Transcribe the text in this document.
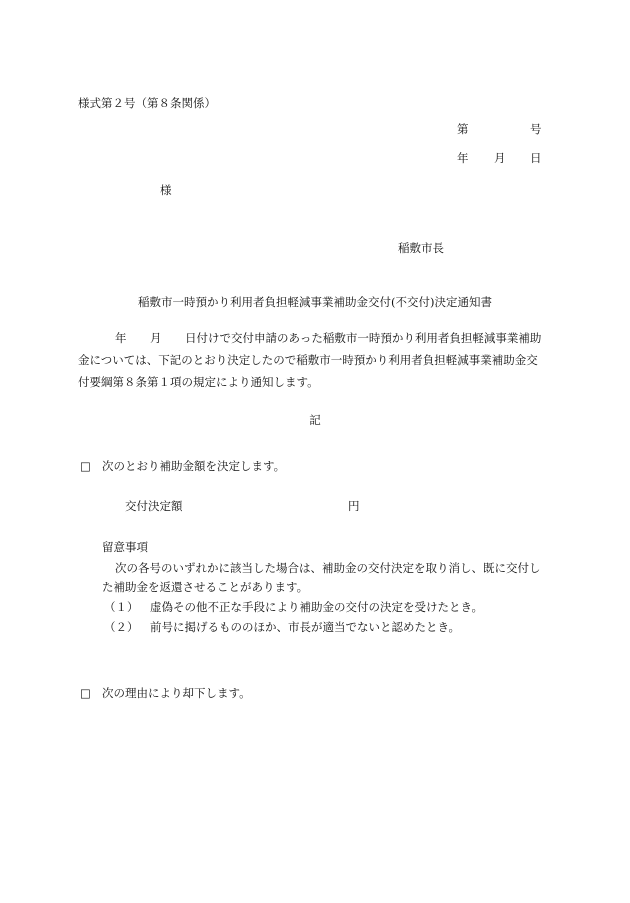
様式第２号（第８条関係）
第	号
年 月 日
様
稲敷市長
稲敷市一時預かり利用者負担軽減事業補助金交付(不交付)決定通知書
年 月 日付けで交付申請のあった稲敷市一時預かり利用者負担軽減事業補助
金については、下記のとおり決定したので稲敷市一時預かり利用者負担軽減事業補助金交
付要綱第８条第１項の規定により通知します。
記
□ 次のとおり補助金額を決定します。
交付決定額	円
留意事項
次の各号のいずれかに該当した場合は、補助金の交付決定を取り消し、既に交付し
た補助金を返還させることがあります。
（１） 虚偽その他不正な手段により補助金の交付の決定を受けたとき。
（２） 前号に掲げるもののほか、市長が適当でないと認めたとき。
□ 次の理由により却下します。
